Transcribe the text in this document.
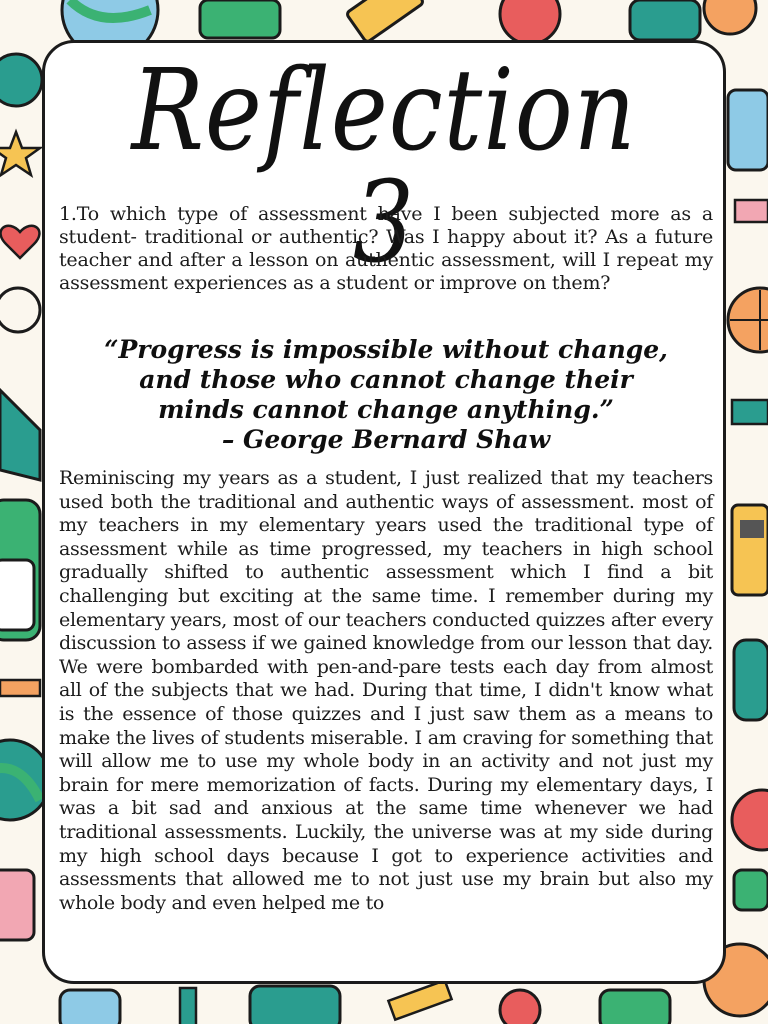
Reflection 3

1.To which type of assessment have I been subjected more as a student- traditional or authentic? Was I happy about it? As a future teacher and after a lesson on authentic assessment, will I repeat my assessment experiences as a student or improve on them?

“Progress is impossible without change,
and those who cannot change their
minds cannot change anything.”
– George Bernard Shaw

Reminiscing my years as a student, I just realized that my teachers used both the traditional and authentic ways of assessment. most of my teachers in my elementary years used the traditional type of assessment while as time progressed, my teachers in high school gradually shifted to authentic assessment which I find a bit challenging but exciting at the same time. I remember during my elementary years, most of our teachers conducted quizzes after every discussion to assess if we gained knowledge from our lesson that day. We were bombarded with pen-and-pare tests each day from almost all of the subjects that we had. During that time, I didn't know what is the essence of those quizzes and I just saw them as a means to make the lives of students miserable. I am craving for something that will allow me to use my whole body in an activity and not just my brain for mere memorization of facts. During my elementary days, I was a bit sad and anxious at the same time whenever we had traditional assessments. Luckily, the universe was at my side during my high school days because I got to experience activities and assessments that allowed me to not just use my brain but also my whole body and even helped me to
